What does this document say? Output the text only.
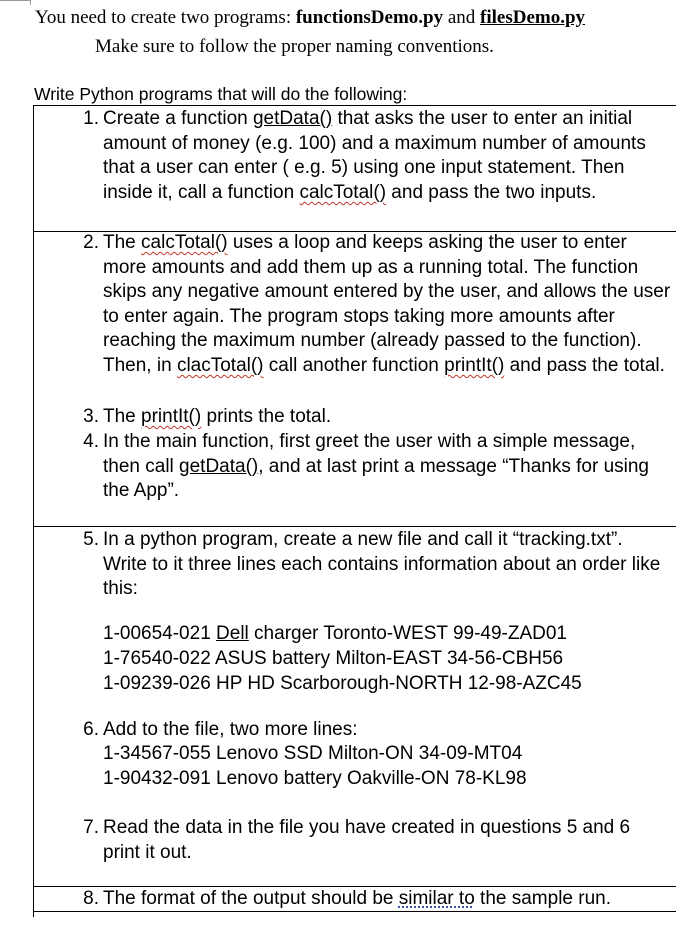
You need to create two programs: functionsDemo.py and filesDemo.py
Make sure to follow the proper naming conventions.
Write Python programs that will do the following:
1. Create a function getData() that asks the user to enter an initial amount of money (e.g. 100) and a maximum number of amounts that a user can enter ( e.g. 5) using one input statement. Then inside it, call a function calcTotal() and pass the two inputs.
2. The calcTotal() uses a loop and keeps asking the user to enter more amounts and add them up as a running total. The function skips any negative amount entered by the user, and allows the user to enter again. The program stops taking more amounts after reaching the maximum number (already passed to the function). Then, in clacTotal() call another function printIt() and pass the total.
3. The printIt() prints the total.
4. In the main function, first greet the user with a simple message, then call getData(), and at last print a message “Thanks for using the App”.
5. In a python program, create a new file and call it “tracking.txt”. Write to it three lines each contains information about an order like this:
1-00654-021 Dell charger Toronto-WEST 99-49-ZAD01
1-76540-022 ASUS battery Milton-EAST 34-56-CBH56
1-09239-026 HP HD Scarborough-NORTH 12-98-AZC45
6. Add to the file, two more lines:
1-34567-055 Lenovo SSD Milton-ON 34-09-MT04
1-90432-091 Lenovo battery Oakville-ON 78-KL98
7. Read the data in the file you have created in questions 5 and 6 print it out.
8. The format of the output should be similar to the sample run.
